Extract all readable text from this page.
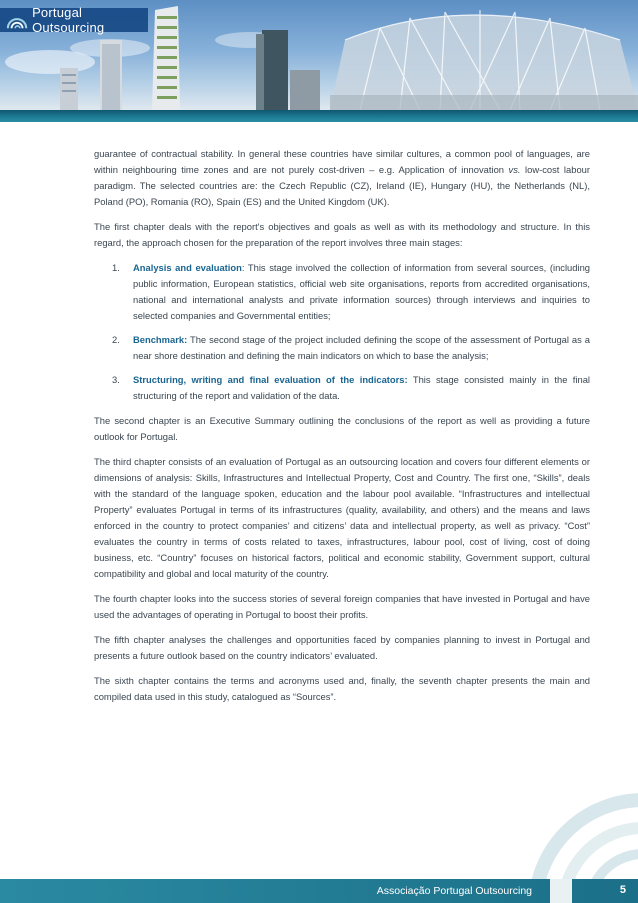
Portugal Outsourcing

guarantee of contractual stability. In general these countries have similar cultures, a common pool of languages, are within neighbouring time zones and are not purely cost-driven – e.g. Application of innovation vs. low-cost labour paradigm. The selected countries are: the Czech Republic (CZ), Ireland (IE), Hungary (HU), the Netherlands (NL), Poland (PO), Romania (RO), Spain (ES) and the United Kingdom (UK).

The first chapter deals with the report's objectives and goals as well as with its methodology and structure. In this regard, the approach chosen for the preparation of the report involves three main stages:

1. Analysis and evaluation: This stage involved the collection of information from several sources, (including public information, European statistics, official web site organisations, reports from accredited organisations, national and international analysts and private information sources) through interviews and inquiries to selected companies and Governmental entities;
2. Benchmark: The second stage of the project included defining the scope of the assessment of Portugal as a near shore destination and defining the main indicators on which to base the analysis;
3. Structuring, writing and final evaluation of the indicators: This stage consisted mainly in the final structuring of the report and validation of the data.

The second chapter is an Executive Summary outlining the conclusions of the report as well as providing a future outlook for Portugal.

The third chapter consists of an evaluation of Portugal as an outsourcing location and covers four different elements or dimensions of analysis: Skills, Infrastructures and Intellectual Property, Cost and Country. The first one, “Skills”, deals with the standard of the language spoken, education and the labour pool available. “Infrastructures and intellectual Property” evaluates Portugal in terms of its infrastructures (quality, availability, and others) and the means and laws enforced in the country to protect companies’ and citizens’ data and intellectual property, as well as privacy. “Cost” evaluates the country in terms of costs related to taxes, infrastructures, labour pool, cost of living, cost of doing business, etc. “Country” focuses on historical factors, political and economic stability, Government support, cultural compatibility and global and local maturity of the country.

The fourth chapter looks into the success stories of several foreign companies that have invested in Portugal and have used the advantages of operating in Portugal to boost their profits.

The fifth chapter analyses the challenges and opportunities faced by companies planning to invest in Portugal and presents a future outlook based on the country indicators’ evaluated.

The sixth chapter contains the terms and acronyms used and, finally, the seventh chapter presents the main and compiled data used in this study, catalogued as “Sources”.

Associação Portugal Outsourcing	5
